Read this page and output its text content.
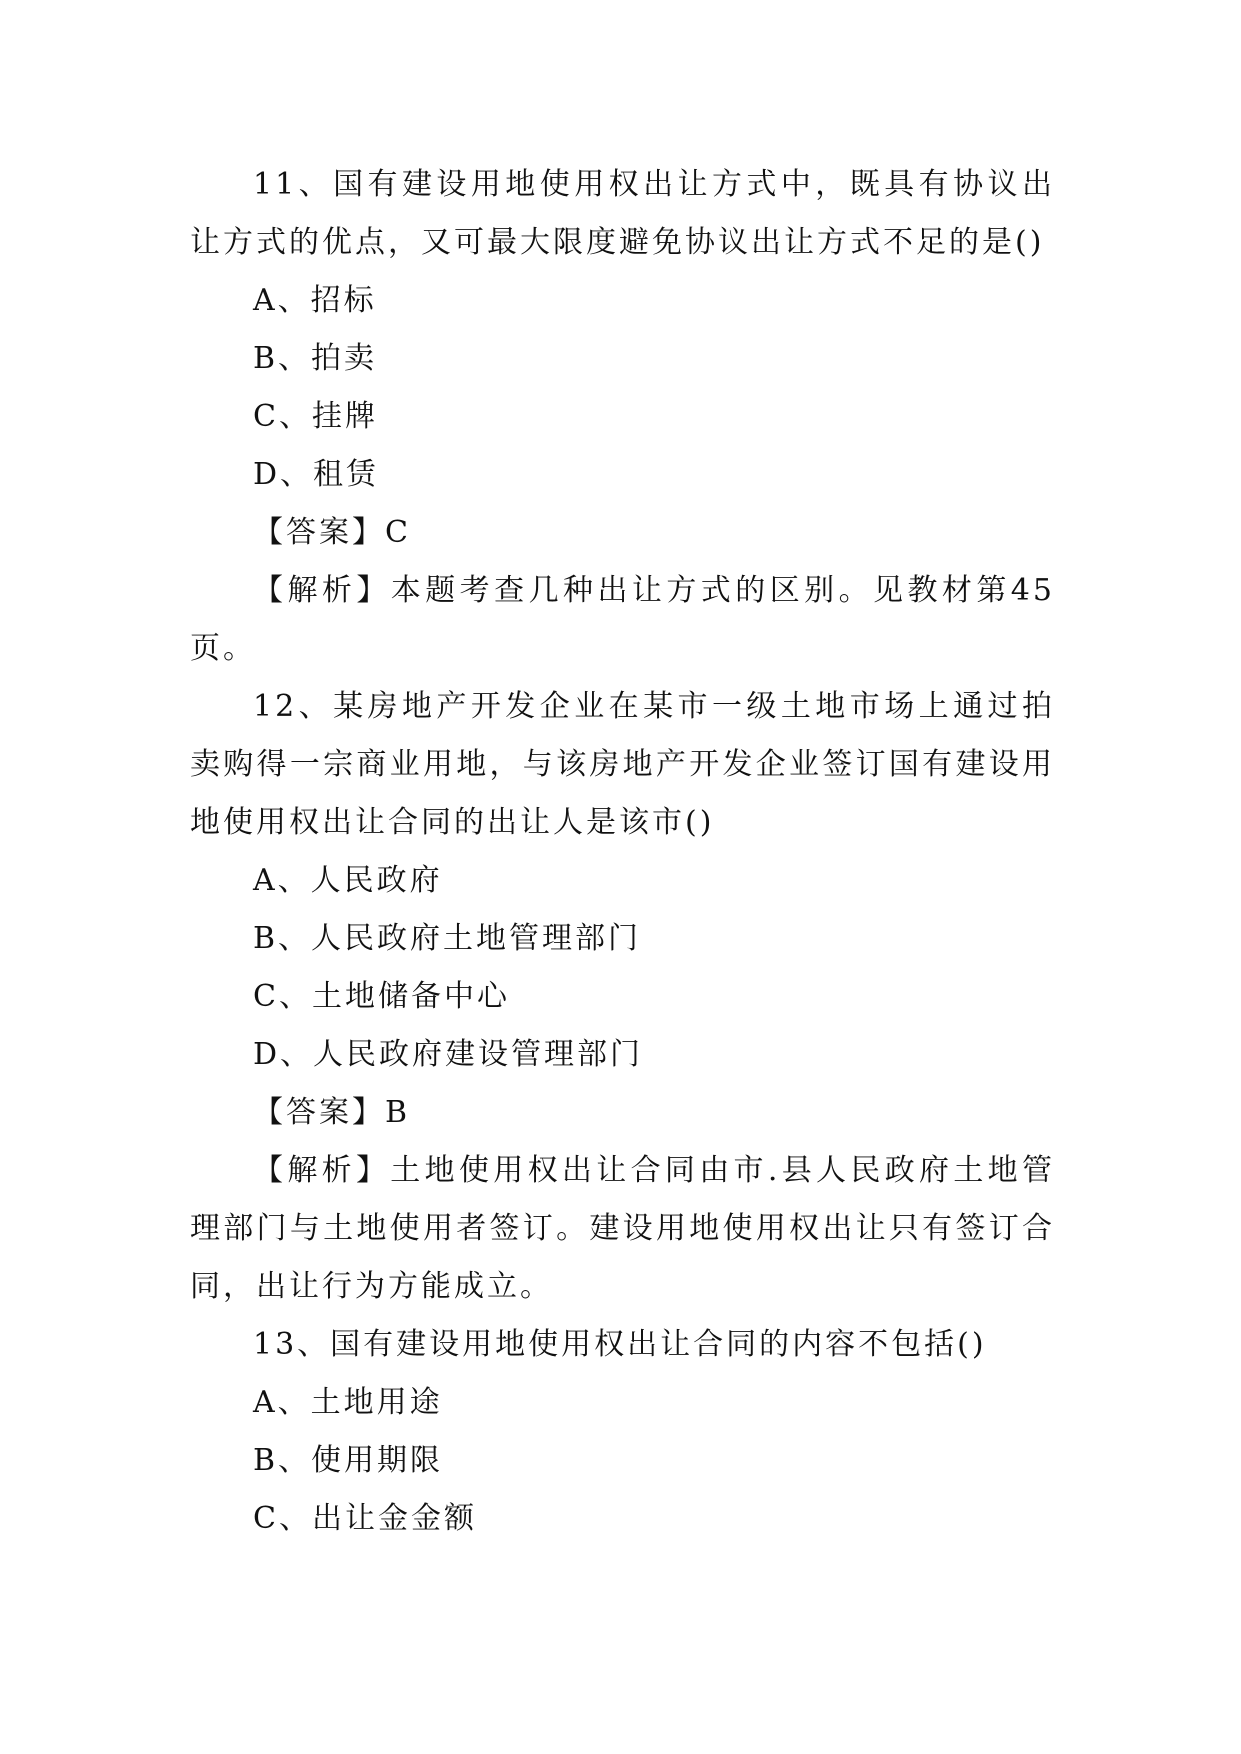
11、国有建设用地使用权出让方式中，既具有协议出让方式的优点，又可最大限度避免协议出让方式不足的是()

A、招标

B、拍卖

C、挂牌

D、租赁

【答案】C

【解析】本题考查几种出让方式的区别。见教材第45页。

12、某房地产开发企业在某市一级土地市场上通过拍卖购得一宗商业用地，与该房地产开发企业签订国有建设用地使用权出让合同的出让人是该市()

A、人民政府

B、人民政府土地管理部门

C、土地储备中心

D、人民政府建设管理部门

【答案】B

【解析】土地使用权出让合同由市.县人民政府土地管理部门与土地使用者签订。建设用地使用权出让只有签订合同，出让行为方能成立。

13、国有建设用地使用权出让合同的内容不包括()

A、土地用途

B、使用期限

C、出让金金额
